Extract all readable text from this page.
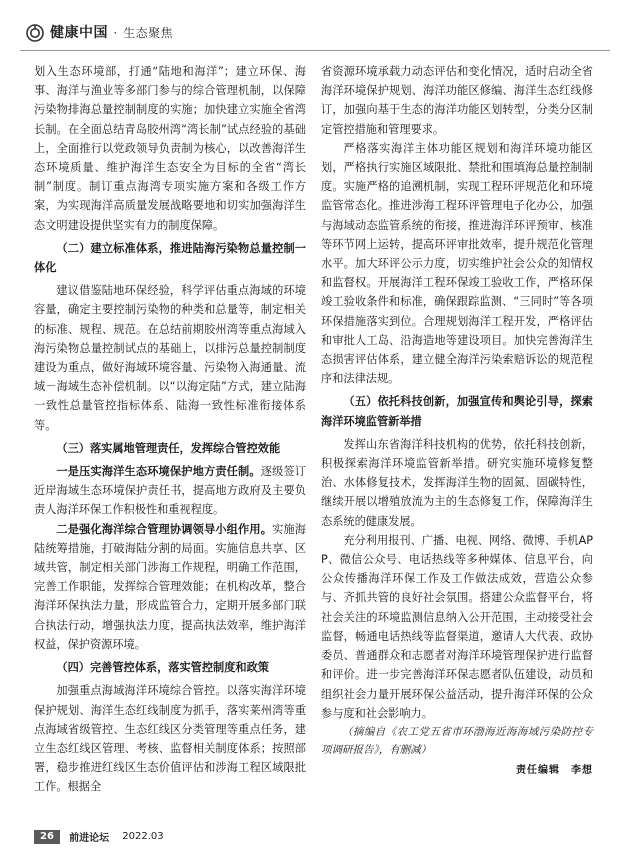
健康中国 · 生态聚焦

划入生态环境部，打通“陆地和海洋”；建立环保、海事、海洋与渔业等多部门参与的综合管理机制，以保障污染物排海总量控制制度的实施；加快建立实施全省湾长制。在全面总结青岛胶州湾“湾长制”试点经验的基础上，全面推行以党政领导负责制为核心，以改善海洋生态环境质量、维护海洋生态安全为目标的全省“湾长制”制度。制订重点海湾专项实施方案和各级工作方案，为实现海洋高质量发展战略要地和切实加强海洋生态文明建设提供坚实有力的制度保障。

（二）建立标准体系，推进陆海污染物总量控制一体化

建议借鉴陆地环保经验，科学评估重点海域的环境容量，确定主要控制污染物的种类和总量等，制定相关的标准、规程、规范。在总结前期胶州湾等重点海域入海污染物总量控制试点的基础上，以排污总量控制制度建设为重点，做好海域环境容量、污染物入海通量、流域－海域生态补偿机制。以“以海定陆”方式，建立陆海一致性总量管控指标体系、陆海一致性标准衔接体系等。

（三）落实属地管理责任，发挥综合管控效能

一是压实海洋生态环境保护地方责任制。逐级签订近岸海域生态环境保护责任书，提高地方政府及主要负责人海洋环保工作积极性和重视程度。

二是强化海洋综合管理协调领导小组作用。实施海陆统筹措施，打破海陆分割的局面。实施信息共享、区域共管，制定相关部门涉海工作规程，明确工作范围，完善工作职能，发挥综合管理效能；在机构改革，整合海洋环保执法力量，形成监管合力，定期开展多部门联合执法行动，增强执法力度，提高执法效率，维护海洋权益，保护资源环境。

（四）完善管控体系，落实管控制度和政策

加强重点海域海洋环境综合管控。以落实海洋环境保护规划、海洋生态红线制度为抓手，落实莱州湾等重点海域省级管控、生态红线区分类管理等重点任务，建立生态红线区管理、考核、监督相关制度体系；按照部署，稳步推进红线区生态价值评估和涉海工程区域限批工作。根据全

省资源环境承载力动态评估和变化情况，适时启动全省海洋环境保护规划、海洋功能区修编、海洋生态红线修订，加强向基于生态的海洋功能区划转型，分类分区制定管控措施和管理要求。

严格落实海洋主体功能区规划和海洋环境功能区划，严格执行实施区域限批、禁批和围填海总量控制制度。实施严格的追溯机制，实现工程环评规范化和环境监管常态化。推进涉海工程环评管理电子化办公，加强与海域动态监管系统的衔接，推进海洋环评预审、核准等环节网上运转，提高环评审批效率，提升规范化管理水平。加大环评公示力度，切实维护社会公众的知情权和监督权。开展海洋工程环保竣工验收工作，严格环保竣工验收条件和标准，确保跟踪监测、“三同时”等各项环保措施落实到位。合理规划海洋工程开发，严格评估和审批人工岛、沿海造地等建设项目。加快完善海洋生态损害评估体系，建立健全海洋污染索赔诉讼的规范程序和法律法规。

（五）依托科技创新，加强宣传和舆论引导，探索海洋环境监管新举措

发挥山东省海洋科技机构的优势，依托科技创新，积极探索海洋环境监管新举措。研究实施环境修复整治、水体修复技术，发挥海洋生物的固氮、固碳特性，继续开展以增殖放流为主的生态修复工作，保障海洋生态系统的健康发展。

充分利用报刊、广播、电视、网络、微博、手机APP、微信公众号、电话热线等多种媒体、信息平台，向公众传播海洋环保工作及工作做法成效，营造公众参与、齐抓共管的良好社会氛围。搭建公众监督平台，将社会关注的环境监测信息纳入公开范围，主动接受社会监督，畅通电话热线等监督渠道，邀请人大代表、政协委员、普通群众和志愿者对海洋环境管理保护进行监督和评价。进一步完善海洋环保志愿者队伍建设，动员和组织社会力量开展环保公益活动，提升海洋环保的公众参与度和社会影响力。

（摘编自《农工党五省市环渤海近海海域污染防控专项调研报告》，有删减）

责任编辑　李想
26 前进论坛 2022.03
